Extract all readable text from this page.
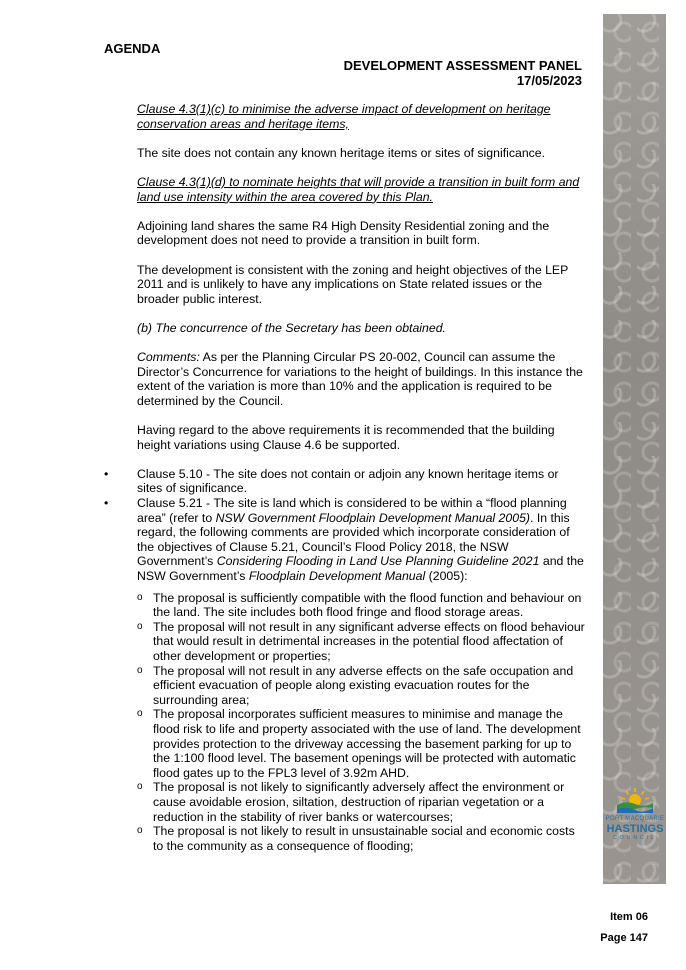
PORT MACQUARIE
HASTINGS
COUNCIL
AGENDA
DEVELOPMENT ASSESSMENT PANEL
17/05/2023

Clause 4.3(1)(c) to minimise the adverse impact of development on heritage conservation areas and heritage items,

The site does not contain any known heritage items or sites of significance.

Clause 4.3(1)(d) to nominate heights that will provide a transition in built form and land use intensity within the area covered by this Plan.

Adjoining land shares the same R4 High Density Residential zoning and the development does not need to provide a transition in built form.

The development is consistent with the zoning and height objectives of the LEP 2011 and is unlikely to have any implications on State related issues or the broader public interest.

(b) The concurrence of the Secretary has been obtained.

Comments: As per the Planning Circular PS 20-002, Council can assume the Director’s Concurrence for variations to the height of buildings. In this instance the extent of the variation is more than 10% and the application is required to be determined by the Council.

Having regard to the above requirements it is recommended that the building height variations using Clause 4.6 be supported.

• Clause 5.10 - The site does not contain or adjoin any known heritage items or sites of significance.

• Clause 5.21 - The site is land which is considered to be within a “flood planning area” (refer to NSW Government Floodplain Development Manual 2005). In this regard, the following comments are provided which incorporate consideration of the objectives of Clause 5.21, Council’s Flood Policy 2018, the NSW Government’s Considering Flooding in Land Use Planning Guideline 2021 and the NSW Government’s Floodplain Development Manual (2005):

o The proposal is sufficiently compatible with the flood function and behaviour on the land. The site includes both flood fringe and flood storage areas.

o The proposal will not result in any significant adverse effects on flood behaviour that would result in detrimental increases in the potential flood affectation of other development or properties;

o The proposal will not result in any adverse effects on the safe occupation and efficient evacuation of people along existing evacuation routes for the surrounding area;

o The proposal incorporates sufficient measures to minimise and manage the flood risk to life and property associated with the use of land. The development provides protection to the driveway accessing the basement parking for up to the 1:100 flood level. The basement openings will be protected with automatic flood gates up to the FPL3 level of 3.92m AHD.

o The proposal is not likely to significantly adversely affect the environment or cause avoidable erosion, siltation, destruction of riparian vegetation or a reduction in the stability of river banks or watercourses;

o The proposal is not likely to result in unsustainable social and economic costs to the community as a consequence of flooding;

Item 06
Page 147
